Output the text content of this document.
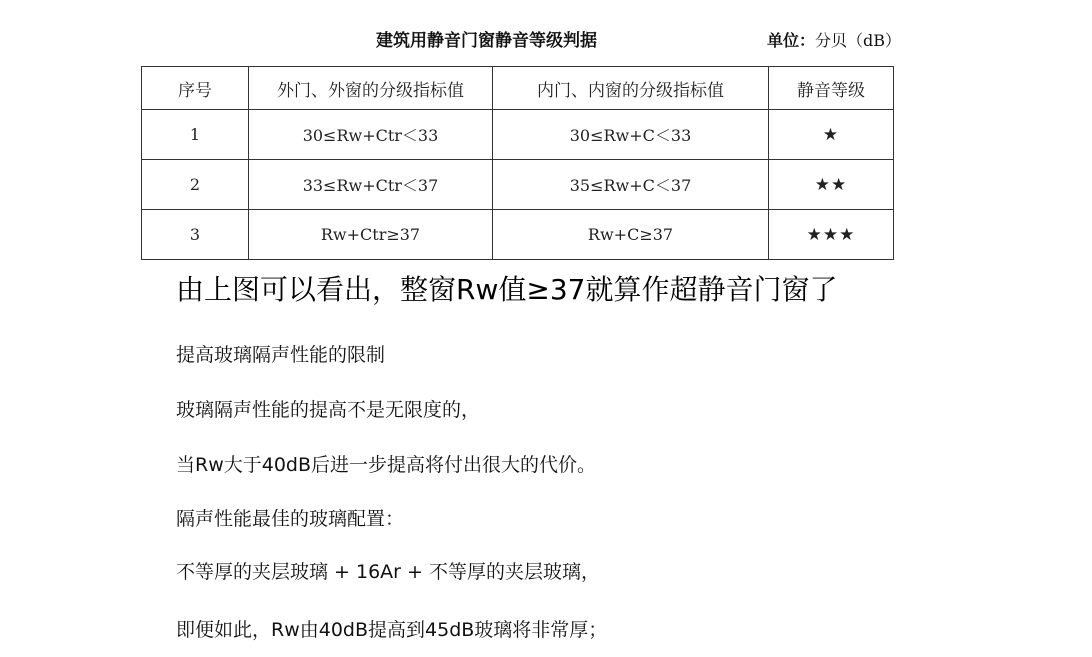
建筑用静音门窗静音等级判据	单位：分贝（dB）
序号	外门、外窗的分级指标值	内门、内窗的分级指标值	静音等级
1	30≤Rw+Ctr＜33	30≤Rw+C＜33	★
2	33≤Rw+Ctr＜37	35≤Rw+C＜37	★★
3	Rw+Ctr≥37	Rw+C≥37	★★★

由上图可以看出，整窗Rw值≥37就算作超静音门窗了

提高玻璃隔声性能的限制

玻璃隔声性能的提高不是无限度的，

当Rw大于40dB后进一步提高将付出很大的代价。

隔声性能最佳的玻璃配置：

不等厚的夹层玻璃 + 16Ar + 不等厚的夹层玻璃，

即便如此，Rw由40dB提高到45dB玻璃将非常厚；
